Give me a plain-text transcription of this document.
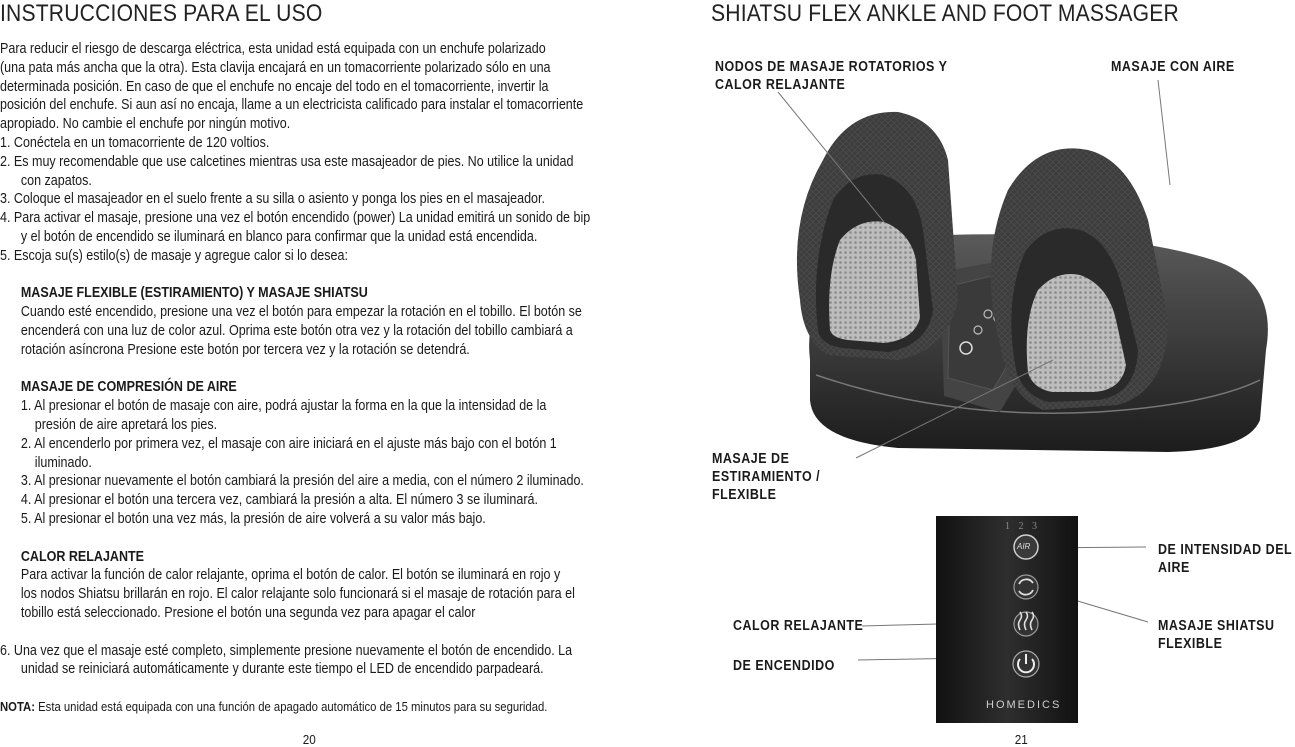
INSTRUCCIONES PARA EL USO

Para reducir el riesgo de descarga eléctrica, esta unidad está equipada con un enchufe polarizado

(una pata más ancha que la otra). Esta clavija encajará en un tomacorriente polarizado sólo en una

determinada posición. En caso de que el enchufe no encaje del todo en el tomacorriente, invertir la

posición del enchufe. Si aun así no encaja, llame a un electricista calificado para instalar el tomacorriente

apropiado. No cambie el enchufe por ningún motivo.

1. Conéctela en un tomacorriente de 120 voltios.

2. Es muy recomendable que use calcetines mientras usa este masajeador de pies. No utilice la unidad

con zapatos.

3. Coloque el masajeador en el suelo frente a su silla o asiento y ponga los pies en el masajeador.

4. Para activar el masaje, presione una vez el botón encendido (power) La unidad emitirá un sonido de bip

y el botón de encendido se iluminará en blanco para confirmar que la unidad está encendida.

5. Escoja su(s) estilo(s) de masaje y agregue calor si lo desea:

MASAJE FLEXIBLE (ESTIRAMIENTO) Y MASAJE SHIATSU

Cuando esté encendido, presione una vez el botón para empezar la rotación en el tobillo. El botón se

encenderá con una luz de color azul. Oprima este botón otra vez y la rotación del tobillo cambiará a

rotación asíncrona Presione este botón por tercera vez y la rotación se detendrá.

MASAJE DE COMPRESIÓN DE AIRE

1. Al presionar el botón de masaje con aire, podrá ajustar la forma en la que la intensidad de la

presión de aire apretará los pies.

2. Al encenderlo por primera vez, el masaje con aire iniciará en el ajuste más bajo con el botón 1

iluminado.

3. Al presionar nuevamente el botón cambiará la presión del aire a media, con el número 2 iluminado.

4. Al presionar el botón una tercera vez, cambiará la presión a alta. El número 3 se iluminará.

5. Al presionar el botón una vez más, la presión de aire volverá a su valor más bajo.

CALOR RELAJANTE

Para activar la función de calor relajante, oprima el botón de calor. El botón se iluminará en rojo y

los nodos Shiatsu brillarán en rojo. El calor relajante solo funcionará si el masaje de rotación para el

tobillo está seleccionado. Presione el botón una segunda vez para apagar el calor

6. Una vez que el masaje esté completo, simplemente presione nuevamente el botón de encendido. La

unidad se reiniciará automáticamente y durante este tiempo el LED de encendido parpadeará.

NOTA: Esta unidad está equipada con una función de apagado automático de 15 minutos para su seguridad.

20
SHIATSU FLEX ANKLE AND FOOT MASSAGER
NODOS DE MASAJE ROTATORIOS Y
CALOR RELAJANTE
MASAJE CON AIRE
MASAJE DE
ESTIRAMIENTO /
FLEXIBLE
DE INTENSIDAD DEL
AIRE
CALOR RELAJANTE	MASAJE SHIATSU
FLEXIBLE
DE ENCENDIDO
1 2 3
AIR
HOMEDICS
21
